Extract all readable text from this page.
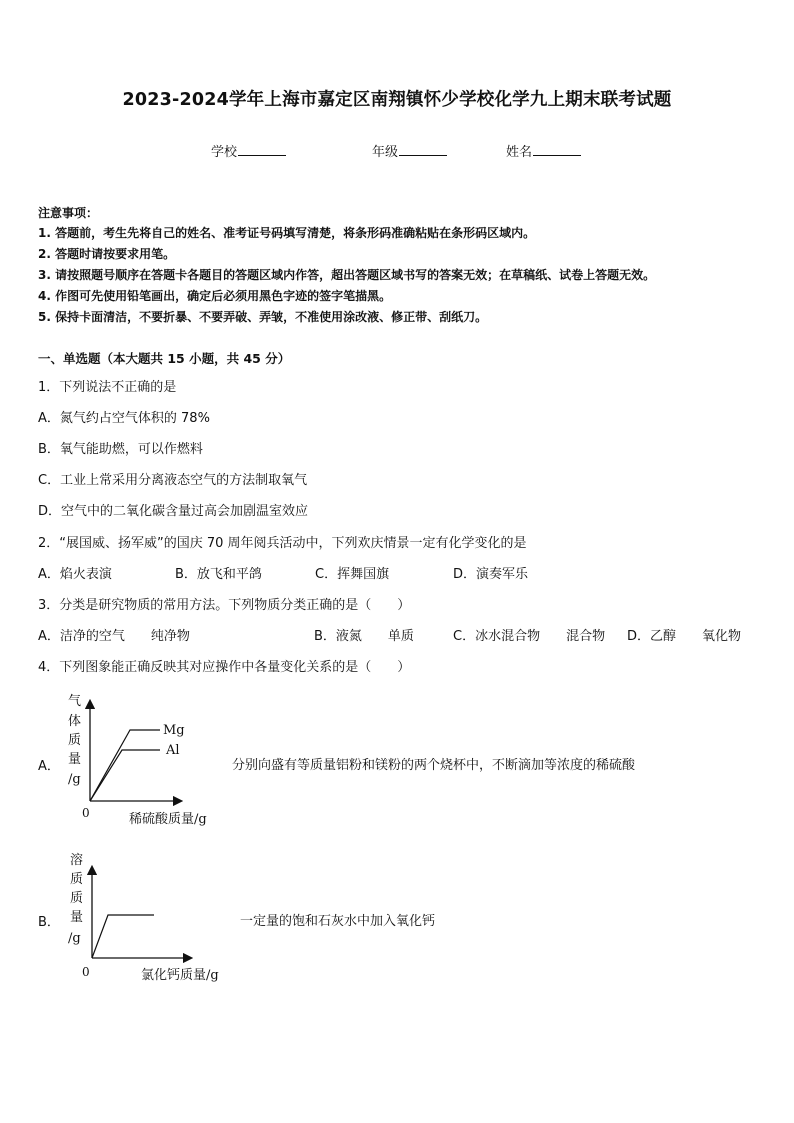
2023-2024学年上海市嘉定区南翔镇怀少学校化学九上期末联考试题
学校	年级	姓名
注意事项：
1. 答题前，考生先将自己的姓名、准考证号码填写清楚，将条形码准确粘贴在条形码区域内。
2. 答题时请按要求用笔。
3. 请按照题号顺序在答题卡各题目的答题区域内作答，超出答题区域书写的答案无效；在草稿纸、试卷上答题无效。
4. 作图可先使用铅笔画出，确定后必须用黑色字迹的签字笔描黑。
5. 保持卡面清洁，不要折暴、不要弄破、弄皱，不准使用涂改液、修正带、刮纸刀。
一、单选题（本大题共 15 小题，共 45 分）
1．下列说法不正确的是
A．氮气约占空气体积的 78%
B．氧气能助燃，可以作燃料
C．工业上常采用分离液态空气的方法制取氧气
D．空气中的二氧化碳含量过高会加剧温室效应
2．“展国威、扬军威”的国庆 70 周年阅兵活动中，下列欢庆情景一定有化学变化的是
A．焰火表演	B．放飞和平鸽	C．挥舞国旗	D．演奏军乐
3．分类是研究物质的常用方法。下列物质分类正确的是（　　）
A．洁净的空气　　纯净物	B．液氮　　单质	C．冰水混合物　　混合物 D．乙醇　　氧化物
4．下列图象能正确反映其对应操作中各量变化关系的是（　　）
A．
气
体
质
量
/g
Mg
Al
0	稀硫酸质量/g
分别向盛有等质量铝粉和镁粉的两个烧杯中，不断滴加等浓度的稀硫酸
B．
溶
质
质
量
/g
0	氯化钙质量/g
一定量的饱和石灰水中加入氧化钙
